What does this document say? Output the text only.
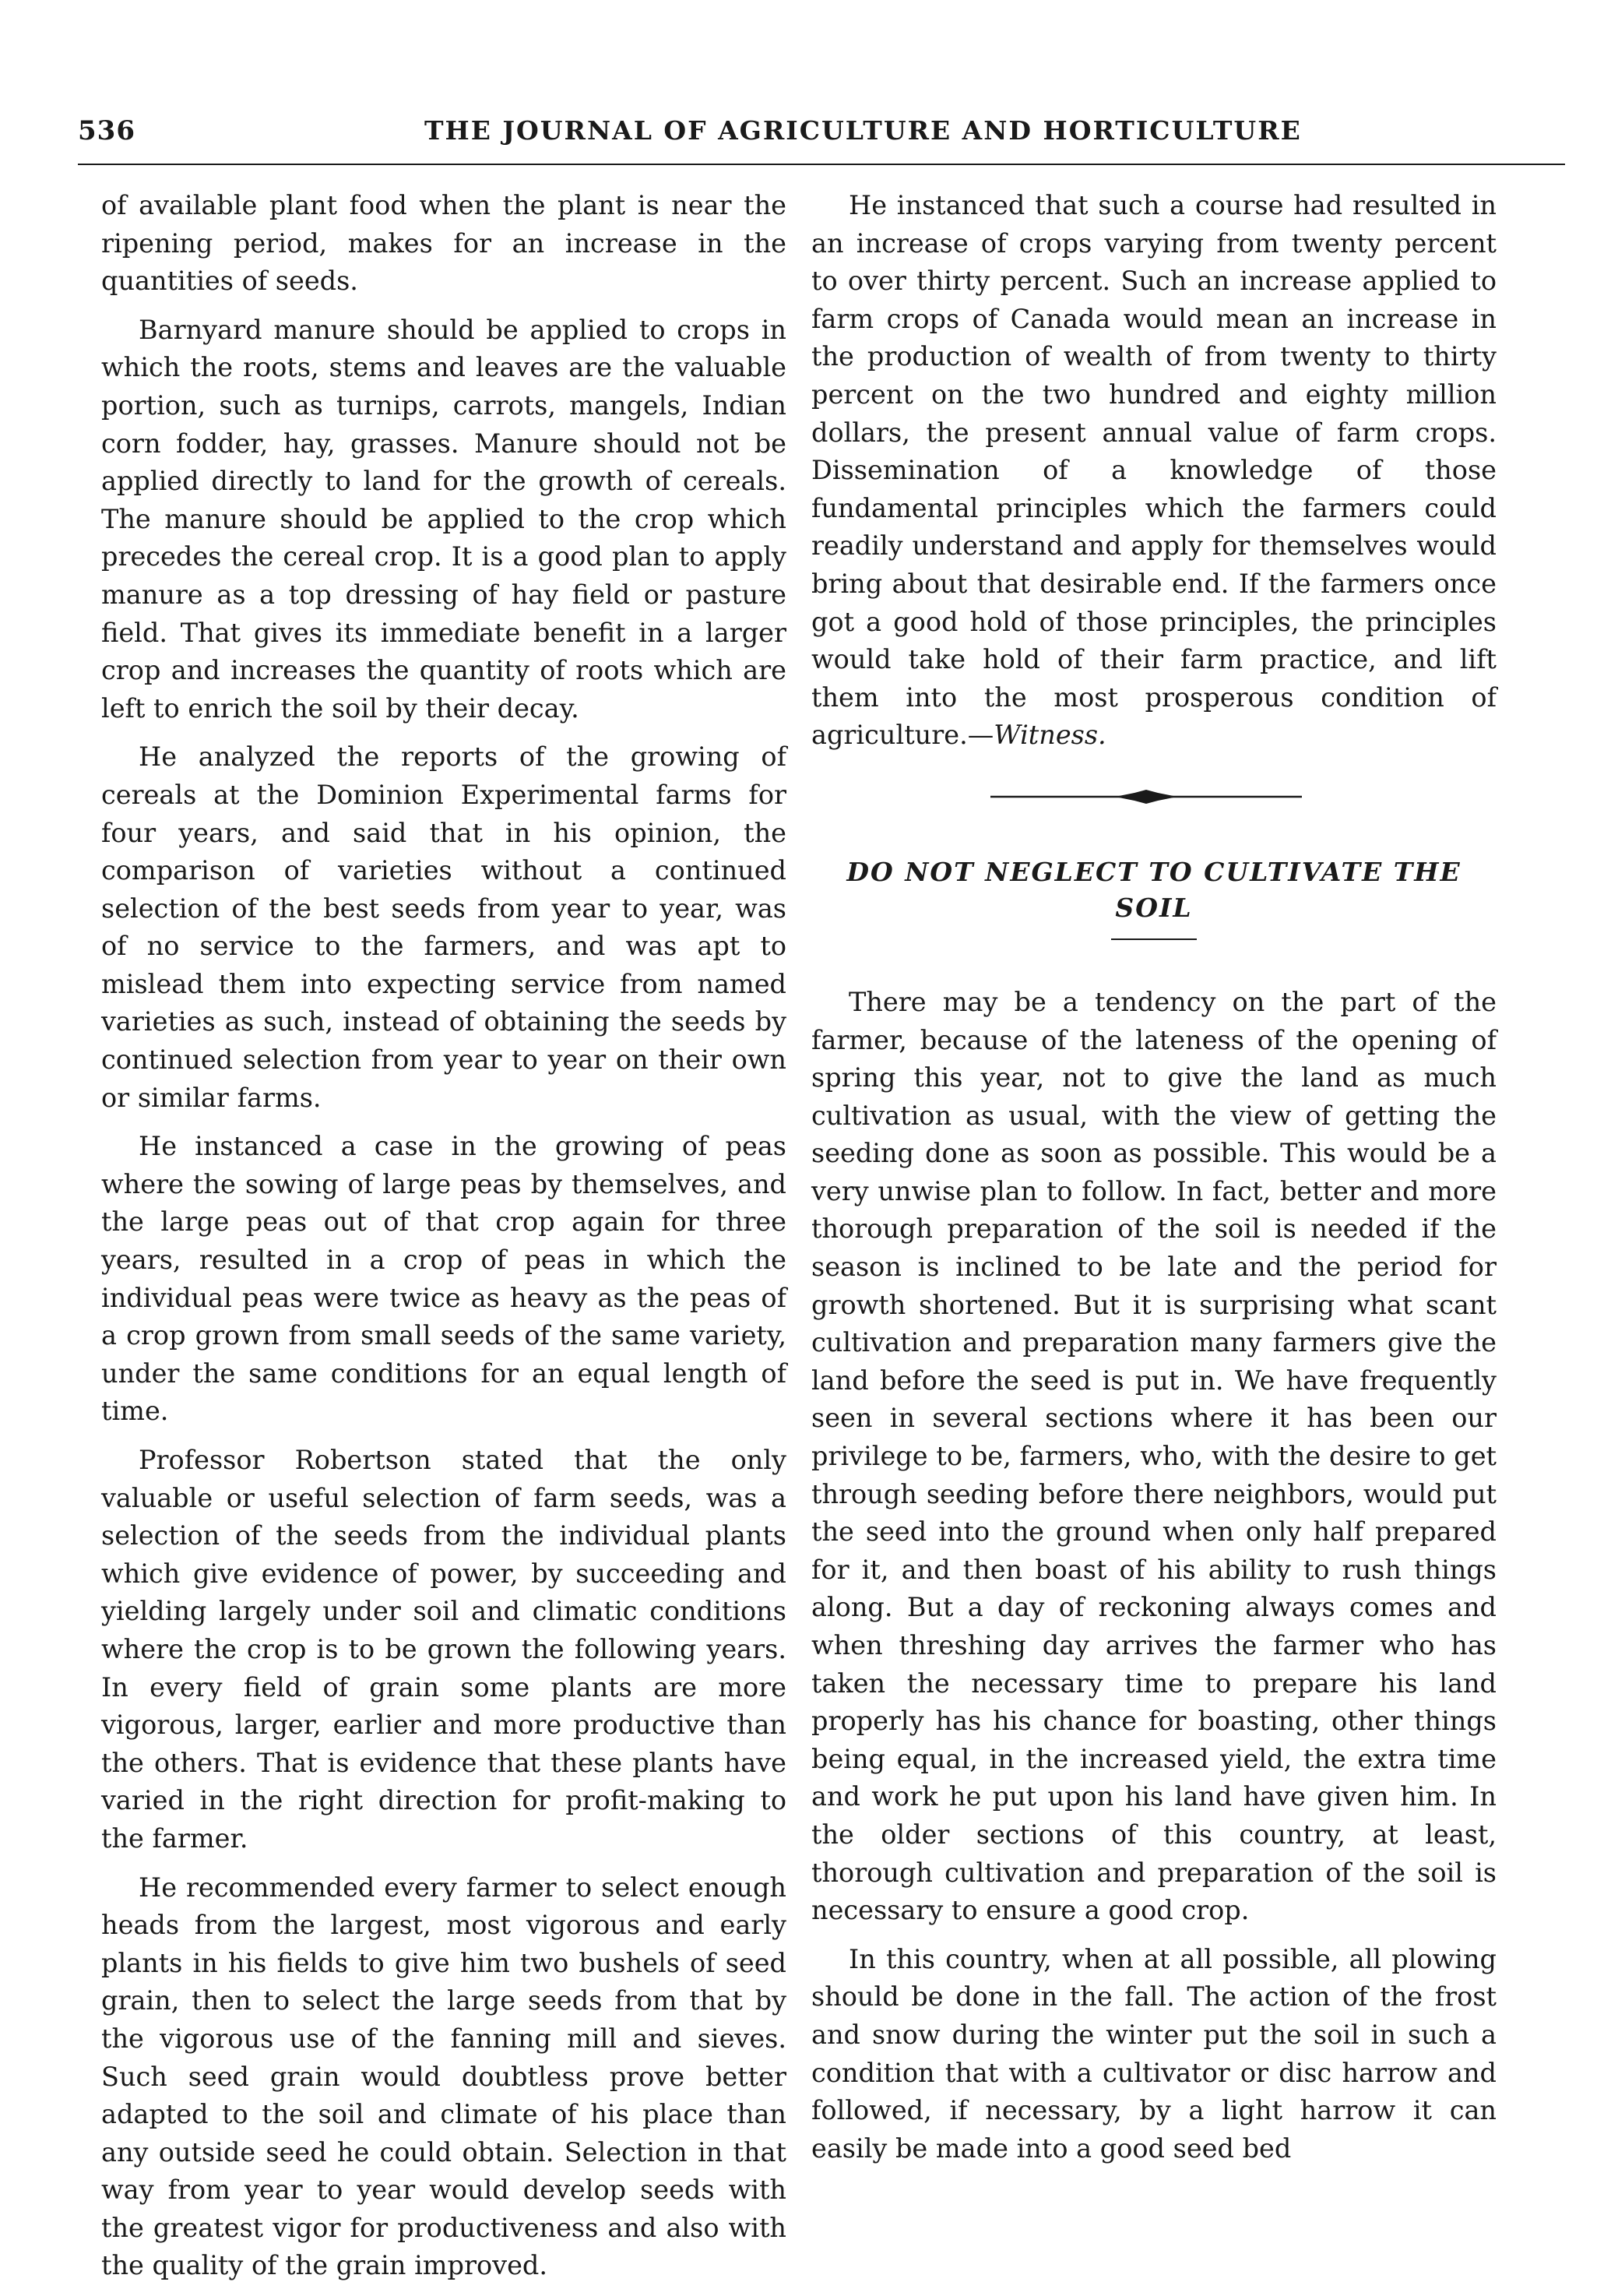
536	THE JOURNAL OF AGRICULTURE AND HORTICULTURE

of available plant food when the plant is near the ripening period, makes for an increase in the quantities of seeds.

Barnyard manure should be applied to crops in which the roots, stems and leaves are the valuable portion, such as turnips, carrots, mangels, Indian corn fodder, hay, grasses. Manure should not be applied directly to land for the growth of cereals. The manure should be applied to the crop which precedes the cereal crop. It is a good plan to apply manure as a top dressing of hay field or pasture field. That gives its immediate benefit in a larger crop and increases the quantity of roots which are left to enrich the soil by their decay.

He analyzed the reports of the growing of cereals at the Dominion Experimental farms for four years, and said that in his opinion, the comparison of varieties without a continued selection of the best seeds from year to year, was of no service to the farmers, and was apt to mislead them into expecting service from named varieties as such, instead of obtaining the seeds by continued selection from year to year on their own or similar farms.

He instanced a case in the growing of peas where the sowing of large peas by themselves, and the large peas out of that crop again for three years, resulted in a crop of peas in which the individual peas were twice as heavy as the peas of a crop grown from small seeds of the same variety, under the same conditions for an equal length of time.

Professor Robertson stated that the only valuable or useful selection of farm seeds, was a selection of the seeds from the individual plants which give evidence of power, by succeeding and yielding largely under soil and climatic conditions where the crop is to be grown the following years. In every field of grain some plants are more vigorous, larger, earlier and more productive than the others. That is evidence that these plants have varied in the right direction for profit-making to the farmer.

He recommended every farmer to select enough heads from the largest, most vigorous and early plants in his fields to give him two bushels of seed grain, then to select the large seeds from that by the vigorous use of the fanning mill and sieves. Such seed grain would doubtless prove better adapted to the soil and climate of his place than any outside seed he could obtain. Selection in that way from year to year would develop seeds with the greatest vigor for productiveness and also with the quality of the grain improved.

He instanced that such a course had resulted in an increase of crops varying from twenty percent to over thirty percent. Such an increase applied to farm crops of Canada would mean an increase in the production of wealth of from twenty to thirty percent on the two hundred and eighty million dollars, the present annual value of farm crops. Dissemination of a knowledge of those fundamental principles which the farmers could readily understand and apply for themselves would bring about that desirable end. If the farmers once got a good hold of those principles, the principles would take hold of their farm practice, and lift them into the most prosperous condition of agriculture.—Witness.

DO NOT NEGLECT TO CULTIVATE THE SOIL

There may be a tendency on the part of the farmer, because of the lateness of the opening of spring this year, not to give the land as much cultivation as usual, with the view of getting the seeding done as soon as possible. This would be a very unwise plan to follow. In fact, better and more thorough preparation of the soil is needed if the season is inclined to be late and the period for growth shortened. But it is surprising what scant cultivation and preparation many farmers give the land before the seed is put in. We have frequently seen in several sections where it has been our privilege to be, farmers, who, with the desire to get through seeding before there neighbors, would put the seed into the ground when only half prepared for it, and then boast of his ability to rush things along. But a day of reckoning always comes and when threshing day arrives the farmer who has taken the necessary time to prepare his land properly has his chance for boasting, other things being equal, in the increased yield, the extra time and work he put upon his land have given him. In the older sections of this country, at least, thorough cultivation and preparation of the soil is necessary to ensure a good crop.

In this country, when at all possible, all plowing should be done in the fall. The action of the frost and snow during the winter put the soil in such a condition that with a cultivator or disc harrow and followed, if necessary, by a light harrow it can easily be made into a good seed bed
